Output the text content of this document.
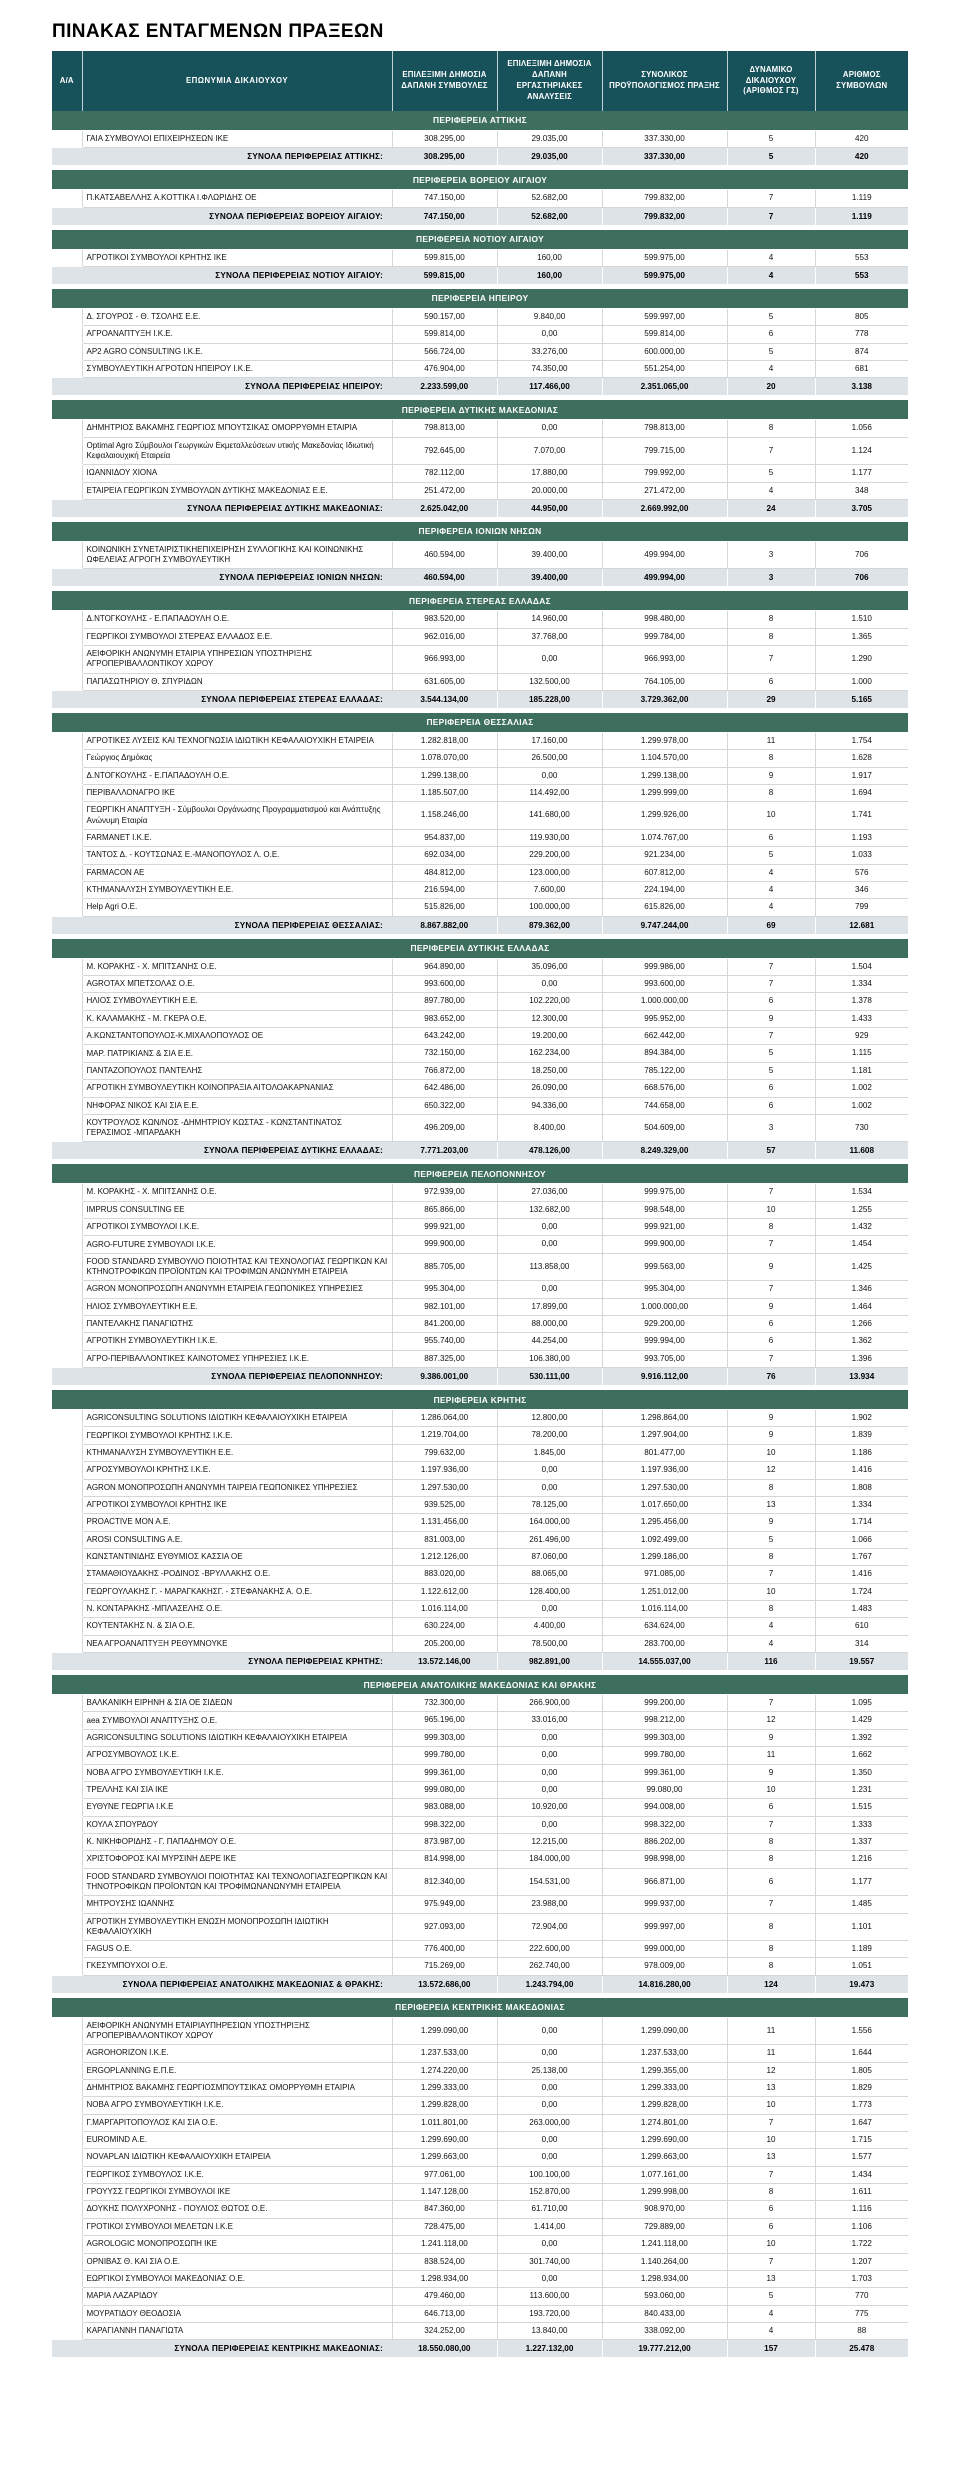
ΠΙΝΑΚΑΣ ΕΝΤΑΓΜΕΝΩΝ ΠΡΑΞΕΩΝ
Α/Α	ΕΠΩΝΥΜΙΑ ΔΙΚΑΙΟΥΧΟΥ	ΕΠΙΛΕΞΙΜΗ ΔΗΜΟΣΙΑ ΔΑΠΑΝΗ ΣΥΜΒΟΥΛΕΣ	ΕΠΙΛΕΞΙΜΗ ΔΗΜΟΣΙΑ ΔΑΠΑΝΗ ΕΡΓΑΣΤΗΡΙΑΚΕΣ ΑΝΑΛΥΣΕΙΣ	ΣΥΝΟΛΙΚΟΣ ΠΡΟΫΠΟΛΟΓΙΣΜΟΣ ΠΡΑΞΗΣ	ΔΥΝΑΜΙΚΟ ΔΙΚΑΙΟΥΧΟΥ (ΑΡΙΘΜΟΣ ΓΣ)	ΑΡΙΘΜΟΣ ΣΥΜΒΟΥΛΩΝ
ΠΕΡΙΦΕΡΕΙΑ ΑΤΤΙΚΗΣ						
1	ΓΑΙΑ ΣΥΜΒΟΥΛΟΙ ΕΠΙΧΕΙΡΗΣΕΩΝ ΙΚΕ	308.295,00	29.035,00	337.330,00	5	420
ΣΥΝΟΛΑ ΠΕΡΙΦΕΡΕΙΑΣ ΑΤΤΙΚΗΣ:		308.295,00	29.035,00	337.330,00	5	420

ΠΕΡΙΦΕΡΕΙΑ ΒΟΡΕΙΟΥ ΑΙΓΑΙΟΥ						
1	Π.ΚΑΤΣΑΒΕΛΛΗΣ Α.ΚΟΤΤΙΚΑ Ι.ΦΛΩΡΙΔΗΣ ΟΕ	747.150,00	52.682,00	799.832,00	7	1.119
ΣΥΝΟΛΑ ΠΕΡΙΦΕΡΕΙΑΣ ΒΟΡΕΙΟΥ ΑΙΓΑΙΟΥ:		747.150,00	52.682,00	799.832,00	7	1.119

ΠΕΡΙΦΕΡΕΙΑ ΝΟΤΙΟΥ ΑΙΓΑΙΟΥ						
1	ΑΓΡΟΤΙΚΟΙ ΣΥΜΒΟΥΛΟΙ ΚΡΗΤΗΣ ΙΚΕ	599.815,00	160,00	599.975,00	4	553
ΣΥΝΟΛΑ ΠΕΡΙΦΕΡΕΙΑΣ ΝΟΤΙΟΥ ΑΙΓΑΙΟΥ:		599.815,00	160,00	599.975,00	4	553

ΠΕΡΙΦΕΡΕΙΑ ΗΠΕΙΡΟΥ						
1	Δ. ΣΓΟΥΡΟΣ - Θ. ΤΣΟΛΗΣ Ε.Ε.	590.157,00	9.840,00	599.997,00	5	805
2	ΑΓΡΟΑΝΑΠΤΥΞΗ Ι.Κ.Ε.	599.814,00	0,00	599.814,00	6	778
3	AP2 AGRO CONSULTING I.K.E.	566.724,00	33.276,00	600.000,00	5	874
4	ΣΥΜΒΟΥΛΕΥΤΙΚΗ ΑΓΡΟΤΩΝ ΗΠΕΙΡΟΥ Ι.Κ.Ε.	476.904,00	74.350,00	551.254,00	4	681
ΣΥΝΟΛΑ ΠΕΡΙΦΕΡΕΙΑΣ ΗΠΕΙΡΟΥ:		2.233.599,00	117.466,00	2.351.065,00	20	3.138

ΠΕΡΙΦΕΡΕΙΑ ΔΥΤΙΚΗΣ ΜΑΚΕΔΟΝΙΑΣ						
1	ΔΗΜΗΤΡΙΟΣ ΒΑΚΑΜΗΣ ΓΕΩΡΓΙΟΣ ΜΠΟΥΤΣΙΚΑΣ ΟΜΟΡΡΥΘΜΗ ΕΤΑΙΡΙΑ	798.813,00	0,00	798.813,00	8	1.056
2	Optimal Agro Σύμβουλοι Γεωργικών Εκμεταλλεύσεων υτικής Μακεδονίας Ιδιωτική Κεφαλαιουχική Εταιρεία	792.645,00	7.070,00	799.715,00	7	1.124
3	ΙΩΑΝΝΙΔΟΥ ΧΙΟΝΑ	782.112,00	17.880,00	799.992,00	5	1.177
4	ΕΤΑΙΡΕΙΑ ΓΕΩΡΓΙΚΩΝ ΣΥΜΒΟΥΛΩΝ ΔΥΤΙΚΗΣ ΜΑΚΕΔΟΝΙΑΣ Ε.Ε.	251.472,00	20.000,00	271.472,00	4	348
ΣΥΝΟΛΑ ΠΕΡΙΦΕΡΕΙΑΣ ΔΥΤΙΚΗΣ ΜΑΚΕΔΟΝΙΑΣ:		2.625.042,00	44.950,00	2.669.992,00	24	3.705

ΠΕΡΙΦΕΡΕΙΑ ΙΟΝΙΩΝ ΝΗΣΩΝ						
1	ΚΟΙΝΩΝΙΚΗ ΣΥΝΕΤΑΙΡΙΣΤΙΚΗΕΠΙΧΕΙΡΗΣΗ ΣΥΛΛΟΓΙΚΗΣ ΚΑΙ ΚΟΙΝΩΝΙΚΗΣ ΩΦΕΛΕΙΑΣ ΑΓΡΟΓΗ ΣΥΜΒΟΥΛΕΥΤΙΚΗ	460.594,00	39.400,00	499.994,00	3	706
ΣΥΝΟΛΑ ΠΕΡΙΦΕΡΕΙΑΣ ΙΟΝΙΩΝ ΝΗΣΩΝ:		460.594,00	39.400,00	499.994,00	3	706

ΠΕΡΙΦΕΡΕΙΑ ΣΤΕΡΕΑΣ ΕΛΛΑΔΑΣ						
1	Δ.ΝΤΟΓΚΟΥΛΗΣ - Ε.ΠΑΠΑΔΟΥΛΗ Ο.Ε.	983.520,00	14.960,00	998.480,00	8	1.510
2	ΓΕΩΡΓΙΚΟΙ ΣΥΜΒΟΥΛΟΙ ΣΤΕΡΕΑΣ ΕΛΛΑΔΟΣ Ε.Ε.	962.016,00	37.768,00	999.784,00	8	1.365
3	ΑΕΙΦΟΡΙΚΗ ΑΝΩΝΥΜΗ ΕΤΑΙΡΙΑ ΥΠΗΡΕΣΙΩΝ ΥΠΟΣΤΗΡΙΞΗΣ ΑΓΡΟΠΕΡΙΒΑΛΛΟΝΤΙΚΟΥ ΧΩΡΟΥ	966.993,00	0,00	966.993,00	7	1.290
4	ΠΑΠΑΣΩΤΗΡΙΟΥ Θ. ΣΠΥΡΙΔΩΝ	631.605,00	132.500,00	764.105,00	6	1.000
ΣΥΝΟΛΑ ΠΕΡΙΦΕΡΕΙΑΣ ΣΤΕΡΕΑΣ ΕΛΛΑΔΑΣ:		3.544.134,00	185.228,00	3.729.362,00	29	5.165

ΠΕΡΙΦΕΡΕΙΑ ΘΕΣΣΑΛΙΑΣ						
1	ΑΓΡΟΤΙΚΕΣ ΛΥΣΕΙΣ ΚΑΙ ΤΕΧΝΟΓΝΩΣΙΑ ΙΔΙΩΤΙΚΗ ΚΕΦΑΛΑΙΟΥΧΙΚΗ ΕΤΑΙΡΕΙΑ	1.282.818,00	17.160,00	1.299.978,00	11	1.754
2	Γεώργιος Δημόκας	1.078.070,00	26.500,00	1.104.570,00	8	1.628
3	Δ.ΝΤΟΓΚΟΥΛΗΣ - Ε.ΠΑΠΑΔΟΥΛΗ Ο.Ε.	1.299.138,00	0,00	1.299.138,00	9	1.917
4	ΠΕΡΙΒΑΛΛΟΝΑΓΡΟ ΙΚΕ	1.185.507,00	114.492,00	1.299.999,00	8	1.694
5	ΓΕΩΡΓΙΚΗ ΑΝΑΠΤΥΞΗ - Σύμβουλοι Οργάνωσης Προγραμματισμού και Ανάπτυξης Ανώνυμη Εταιρία	1.158.246,00	141.680,00	1.299.926,00	10	1.741
6	FARMANET I.K.E.	954.837,00	119.930,00	1.074.767,00	6	1.193
7	ΤΑΝΤΟΣ Δ. - ΚΟΥΤΣΩΝΑΣ Ε.-ΜΑΝΟΠΟΥΛΟΣ Λ. Ο.Ε.	692.034,00	229.200,00	921.234,00	5	1.033
8	FARMACON AE	484.812,00	123.000,00	607.812,00	4	576
9	ΚΤΗΜΑΝΑΛΥΣΗ ΣΥΜΒΟΥΛΕΥΤΙΚΗ Ε.Ε.	216.594,00	7.600,00	224.194,00	4	346
10	Help Agri Ο.Ε.	515.826,00	100.000,00	615.826,00	4	799
ΣΥΝΟΛΑ ΠΕΡΙΦΕΡΕΙΑΣ ΘΕΣΣΑΛΙΑΣ:		8.867.882,00	879.362,00	9.747.244,00	69	12.681

ΠΕΡΙΦΕΡΕΙΑ ΔΥΤΙΚΗΣ ΕΛΛΑΔΑΣ						
1	Μ. ΚΟΡΑΚΗΣ - Χ. ΜΠΙΤΣΑΝΗΣ Ο.Ε.	964.890,00	35.096,00	999.986,00	7	1.504
2	AGROTAX ΜΠΕΤΣΟΛΑΣ Ο.Ε.	993.600,00	0,00	993.600,00	7	1.334
3	ΗΛΙΟΣ ΣΥΜΒΟΥΛΕΥΤΙΚΗ Ε.Ε.	897.780,00	102.220,00	1.000.000,00	6	1.378
4	Κ. ΚΑΛΑΜΑΚΗΣ - Μ. ΓΚΕΡΑ Ο.Ε.	983.652,00	12.300,00	995.952,00	9	1.433
5	Α.ΚΩΝΣΤΑΝΤΟΠΟΥΛΟΣ-Κ.ΜΙΧΑΛΟΠΟΥΛΟΣ ΟΕ	643.242,00	19.200,00	662.442,00	7	929
6	ΜΑΡ. ΠΑΤΡΙΚΙΑΝΣ & ΣΙΑ Ε.Ε.	732.150,00	162.234,00	894.384,00	5	1.115
7	ΠΑΝΤΑΖΟΠΟΥΛΟΣ ΠΑΝΤΕΛΗΣ	766.872,00	18.250,00	785.122,00	5	1.181
8	ΑΓΡΟΤΙΚΗ ΣΥΜΒΟΥΛΕΥΤΙΚΗ ΚΟΙΝΟΠΡΑΞΙΑ ΑΙΤΟΛΟΑΚΑΡΝΑΝΙΑΣ	642.486,00	26.090,00	668.576,00	6	1.002
9	ΝΗΦΟΡΑΣ ΝΙΚΟΣ ΚΑΙ ΣΙΑ Ε.Ε.	650.322,00	94.336,00	744.658,00	6	1.002
10	ΚΟΥΤΡΟΥΛΟΣ ΚΩΝ/ΝΟΣ -ΔΗΜΗΤΡΙΟΥ ΚΩΣΤΑΣ - ΚΩΝΣΤΑΝΤΙΝΑΤΟΣ ΓΕΡΑΣΙΜΟΣ -ΜΠΑΡΔΑΚΗ	496.209,00	8.400,00	504.609,00	3	730
ΣΥΝΟΛΑ ΠΕΡΙΦΕΡΕΙΑΣ ΔΥΤΙΚΗΣ ΕΛΛΑΔΑΣ:		7.771.203,00	478.126,00	8.249.329,00	57	11.608

ΠΕΡΙΦΕΡΕΙΑ ΠΕΛΟΠΟΝΝΗΣΟΥ						
1	Μ. ΚΟΡΑΚΗΣ - Χ. ΜΠΙΤΣΑΝΗΣ Ο.Ε.	972.939,00	27.036,00	999.975,00	7	1.534
2	IMPRUS CONSULTING ΕΕ	865.866,00	132.682,00	998.548,00	10	1.255
3	ΑΓΡΟΤΙΚΟΙ ΣΥΜΒΟΥΛΟΙ Ι.Κ.Ε.	999.921,00	0,00	999.921,00	8	1.432
4	AGRO-FUTURE ΣΥΜΒΟΥΛΟΙ Ι.Κ.Ε.	999.900,00	0,00	999.900,00	7	1.454
5	FOOD STANDARD ΣΥΜΒΟΥΛΙΟ ΠΟΙΟΤΗΤΑΣ ΚΑΙ ΤΕΧΝΟΛΟΓΙΑΣ ΓΕΩΡΓΙΚΩΝ ΚΑΙ ΚΤΗΝΟΤΡΟΦΙΚΩΝ ΠΡΟΪΟΝΤΩΝ ΚΑΙ ΤΡΟΦΙΜΩΝ ΑΝΩΝΥΜΗ ΕΤΑΙΡΕΙΑ	885.705,00	113.858,00	999.563,00	9	1.425
6	AGRON ΜΟΝΟΠΡΟΣΩΠΗ ΑΝΩΝΥΜΗ ΕΤΑΙΡΕΙΑ ΓΕΩΠΟΝΙΚΕΣ ΥΠΗΡΕΣΙΕΣ	995.304,00	0,00	995.304,00	7	1.346
7	ΗΛΙΟΣ ΣΥΜΒΟΥΛΕΥΤΙΚΗ Ε.Ε.	982.101,00	17.899,00	1.000.000,00	9	1.464
8	ΠΑΝΤΕΛΑΚΗΣ ΠΑΝΑΓΙΩΤΗΣ	841.200,00	88.000,00	929.200,00	6	1.266
9	ΑΓΡΟΤΙΚΗ ΣΥΜΒΟΥΛΕΥΤΙΚΗ Ι.Κ.Ε.	955.740,00	44.254,00	999.994,00	6	1.362
10	ΑΓΡΟ-ΠΕΡΙΒΑΛΛΟΝΤΙΚΕΣ ΚΑΙΝΟΤΟΜΕΣ ΥΠΗΡΕΣΙΕΣ Ι.Κ.Ε.	887.325,00	106.380,00	993.705,00	7	1.396
ΣΥΝΟΛΑ ΠΕΡΙΦΕΡΕΙΑΣ ΠΕΛΟΠΟΝΝΗΣΟΥ:		9.386.001,00	530.111,00	9.916.112,00	76	13.934

ΠΕΡΙΦΕΡΕΙΑ ΚΡΗΤΗΣ						
1	AGRICONSULTING SOLUTIONS ΙΔΙΩΤΙΚΗ ΚΕΦΑΛΑΙΟΥΧΙΚΗ ΕΤΑΙΡΕΙΑ	1.286.064,00	12.800,00	1.298.864,00	9	1.902
2	ΓΕΩΡΓΙΚΟΙ ΣΥΜΒΟΥΛΟΙ ΚΡΗΤΗΣ Ι.Κ.Ε.	1.219.704,00	78.200,00	1.297.904,00	9	1.839
3	ΚΤΗΜΑΝΑΛΥΣΗ ΣΥΜΒΟΥΛΕΥΤΙΚΗ Ε.Ε.	799.632,00	1.845,00	801.477,00	10	1.186
4	ΑΓΡΟΣΥΜΒΟΥΛΟΙ ΚΡΗΤΗΣ Ι.Κ.Ε.	1.197.936,00	0,00	1.197.936,00	12	1.416
5	AGRON ΜΟΝΟΠΡΟΣΩΠΗ ΑΝΩΝΥΜΗ ΤΑΙΡΕΙΑ ΓΕΩΠΟΝΙΚΕΣ ΥΠΗΡΕΣΙΕΣ	1.297.530,00	0,00	1.297.530,00	8	1.808
6	ΑΓΡΟΤΙΚΟΙ ΣΥΜΒΟΥΛΟΙ ΚΡΗΤΗΣ ΙΚΕ	939.525,00	78.125,00	1.017.650,00	13	1.334
7	PROACTIVE MON A.E.	1.131.456,00	164.000,00	1.295.456,00	9	1.714
8	AROSI CONSULTING A.E.	831.003,00	261.496,00	1.092.499,00	5	1.066
9	ΚΩΝΣΤΑΝΤΙΝΙΔΗΣ ΕΥΘΥΜΙΟΣ ΚΑΣΣΙΑ ΟΕ	1.212.126,00	87.060,00	1.299.186,00	8	1.767
10	ΣΤΑΜΑΘΙΟΥΔΑΚΗΣ -ΡΟΔΙΝΟΣ -ΒΡΥΛΛΑΚΗΣ Ο.Ε.	883.020,00	88.065,00	971.085,00	7	1.416
11	ΓΕΩΡΓΟΥΛΑΚΗΣ Γ. - ΜΑΡΑΓΚΑΚΗΣΓ. - ΣΤΕΦΑΝΑΚΗΣ Α. Ο.Ε.	1.122.612,00	128.400,00	1.251.012,00	10	1.724
12	Ν. ΚΟΝΤΑΡΑΚΗΣ -ΜΠΛΑΣΕΛΗΣ Ο.Ε.	1.016.114,00	0,00	1.016.114,00	8	1.483
13	ΚΟΥΤΕΝΤΑΚΗΣ Ν. & ΣΙΑ Ο.Ε.	630.224,00	4.400,00	634.624,00	4	610
14	ΝΕΑ ΑΓΡΟΑΝΑΠΤΥΞΗ ΡΕΘΥΜΝΟΥΚΕ	205.200,00	78.500,00	283.700,00	4	314
ΣΥΝΟΛΑ ΠΕΡΙΦΕΡΕΙΑΣ ΚΡΗΤΗΣ:		13.572.146,00	982.891,00	14.555.037,00	116	19.557

ΠΕΡΙΦΕΡΕΙΑ ΑΝΑΤΟΛΙΚΗΣ ΜΑΚΕΔΟΝΙΑΣ ΚΑΙ ΘΡΑΚΗΣ						
1	ΒΑΛΚΑΝΙΚΗ ΕΙΡΗΝΗ & ΣΙΑ ΟΕ ΣΙΔΕΩΝ	732.300,00	266.900,00	999.200,00	7	1.095
2	aea ΣΥΜΒΟΥΛΟΙ ΑΝΑΠΤΥΞΗΣ Ο.Ε.	965.196,00	33.016,00	998.212,00	12	1.429
3	AGRICONSULTING SOLUTIONS ΙΔΙΩΤΙΚΗ ΚΕΦΑΛΑΙΟΥΧΙΚΗ ΕΤΑΙΡΕΙΑ	999.303,00	0,00	999.303,00	9	1.392
4	ΑΓΡΟΣΥΜΒΟΥΛΟΣ Ι.Κ.Ε.	999.780,00	0,00	999.780,00	11	1.662
5	NOBA ΑΓΡΟ ΣΥΜΒΟΥΛΕΥΤΙΚΗ Ι.Κ.Ε.	999.361,00	0,00	999.361,00	9	1.350
6	ΤΡΕΛΛΗΣ ΚΑΙ ΣΙΑ ΙΚΕ	999.080,00	0,00	99.080,00	10	1.231
7	ΕΥΘΥΝΕ ΓΕΩΡΓΙΑ Ι.Κ.Ε	983.088,00	10.920,00	994.008,00	6	1.515
8	ΚΟΥΛΑ ΣΠΟΥΡΔΟΥ	998.322,00	0,00	998.322,00	7	1.333
9	Κ. ΝΙΚΗΦΟΡΙΔΗΣ - Γ. ΠΑΠΑΔΗΜΟΥ Ο.Ε.	873.987,00	12.215,00	886.202,00	8	1.337
10	ΧΡΙΣΤΟΦΟΡΟΣ ΚΑΙ ΜΥΡΣΙΝΗ ΔΕΡΕ ΙΚΕ	814.998,00	184.000,00	998.998,00	8	1.216
11	FOOD STANDARD ΣΥΜΒΟΥΛΙΟΙ ΠΟΙΟΤΗΤΑΣ ΚΑΙ ΤΕΧΝΟΛΟΓΙΑΣΓΕΩΡΓΙΚΩΝ ΚΑΙ ΤΗΝΟΤΡΟΦΙΚΩΝ ΠΡΟΪΟΝΤΩΝ ΚΑΙ ΤΡΟΦΙΜΩΝΑΝΩΝΥΜΗ ΕΤΑΙΡΕΙΑ	812.340,00	154.531,00	966.871,00	6	1.177
12	ΜΗΤΡΟΥΣΗΣ ΙΩΑΝΝΗΣ	975.949,00	23.988,00	999.937,00	7	1.485
13	ΑΓΡΟΤΙΚΗ ΣΥΜΒΟΥΛΕΥΤΙΚΗ ΕΝΩΣΗ ΜΟΝΟΠΡΟΣΩΠΗ ΙΔΙΩΤΙΚΗ ΚΕΦΑΛΑΙΟΥΧΙΚΗ	927.093,00	72.904,00	999.997,00	8	1.101
14	FAGUS Ο.Ε.	776.400,00	222.600,00	999.000,00	8	1.189
15	ΓΚΕΣΥΜΠΟΥΧΟΙ Ο.Ε.	715.269,00	262.740,00	978.009,00	8	1.051
ΣΥΝΟΛΑ ΠΕΡΙΦΕΡΕΙΑΣ ΑΝΑΤΟΛΙΚΗΣ ΜΑΚΕΔΟΝΙΑΣ & ΘΡΑΚΗΣ:		13.572.686,00	1.243.794,00	14.816.280,00	124	19.473

ΠΕΡΙΦΕΡΕΙΑ ΚΕΝΤΡΙΚΗΣ ΜΑΚΕΔΟΝΙΑΣ						
1	ΑΕΙΦΟΡΙΚΗ ΑΝΩΝΥΜΗ ΕΤΑΙΡΙΑΥΠΗΡΕΣΙΩΝ ΥΠΟΣΤΗΡΙΞΗΣ ΑΓΡΟΠΕΡΙΒΑΛΛΟΝΤΙΚΟΥ ΧΩΡΟΥ	1.299.090,00	0,00	1.299.090,00	11	1.556
2	AGROHORIZON I.K.E.	1.237.533,00	0,00	1.237.533,00	11	1.644
3	ERGOPLANNING E.Π.E.	1.274.220,00	25.138,00	1.299.355,00	12	1.805
4	ΔΗΜΗΤΡΙΟΣ ΒΑΚΑΜΗΣ ΓΕΩΡΓΙΟΣΜΠΟΥΤΣΙΚΑΣ ΟΜΟΡΡΥΘΜΗ ΕΤΑΙΡΙΑ	1.299.333,00	0,00	1.299.333,00	13	1.829
5	NOBA ΑΓΡΟ ΣΥΜΒΟΥΛΕΥΤΙΚΗ Ι.Κ.Ε.	1.299.828,00	0,00	1.299.828,00	10	1.773
6	Γ.ΜΑΡΓΑΡΙΤΟΠΟΥΛΟΣ ΚΑΙ ΣΙΑ Ο.Ε.	1.011.801,00	263.000,00	1.274.801,00	7	1.647
7	EUROMIND A.E.	1.299.690,00	0,00	1.299.690,00	10	1.715
8	NOVAPLAN ΙΔΙΩΤΙΚΗ ΚΕΦΑΛΑΙΟΥΧΙΚΗ ΕΤΑΙΡΕΙΑ	1.299.663,00	0,00	1.299.663,00	13	1.577
9	ΓΕΩΡΓΙΚΟΣ ΣΥΜΒΟΥΛΟΣ Ι.Κ.Ε.	977.061,00	100.100,00	1.077.161,00	7	1.434
10	ΓΡΟΥΥΣΣ ΓΕΩΡΓΙΚΟΙ ΣΥΜΒΟΥΛΟΙ ΙΚΕ	1.147.128,00	152.870,00	1.299.998,00	8	1.611
11	ΔΟΥΚΗΣ ΠΟΛΥΧΡΟΝΗΣ - ΠΟΥΛΙΟΣ ΘΩΤΟΣ Ο.Ε.	847.360,00	61.710,00	908.970,00	6	1.116
12	ΓΡΟΤΙΚΟΙ ΣΥΜΒΟΥΛΟΙ ΜΕΛΕΤΩΝ Ι.Κ.Ε	728.475,00	1.414,00	729.889,00	6	1.106
13	AGROLOGIC ΜΟΝΟΠΡΟΣΩΠΗ ΙΚΕ	1.241.118,00	0,00	1.241.118,00	10	1.722
14	ΟΡΝΙΒΑΣ Θ. ΚΑΙ ΣΙΑ Ο.Ε.	838.524,00	301.740,00	1.140.264,00	7	1.207
15	ΕΩΡΓΙΚΟΙ ΣΥΜΒΟΥΛΟΙ ΜΑΚΕΔΟΝΙΑΣ Ο.Ε.	1.298.934,00	0,00	1.298.934,00	13	1.703
16	ΜΑΡΙΑ ΛΑΖΑΡΙΔΟΥ	479.460,00	113.600,00	593.060,00	5	770
17	ΜΟΥΡΑΤΙΔΟΥ ΘΕΟΔΟΣΙΑ	646.713,00	193.720,00	840.433,00	4	775
18	ΚΑΡΑΓΙΑΝΝΗ ΠΑΝΑΓΙΩΤΑ	324.252,00	13.840,00	338.092,00	4	88
ΣΥΝΟΛΑ ΠΕΡΙΦΕΡΕΙΑΣ ΚΕΝΤΡΙΚΗΣ ΜΑΚΕΔΟΝΙΑΣ:		18.550.080,00	1.227.132,00	19.777.212,00	157	25.478
